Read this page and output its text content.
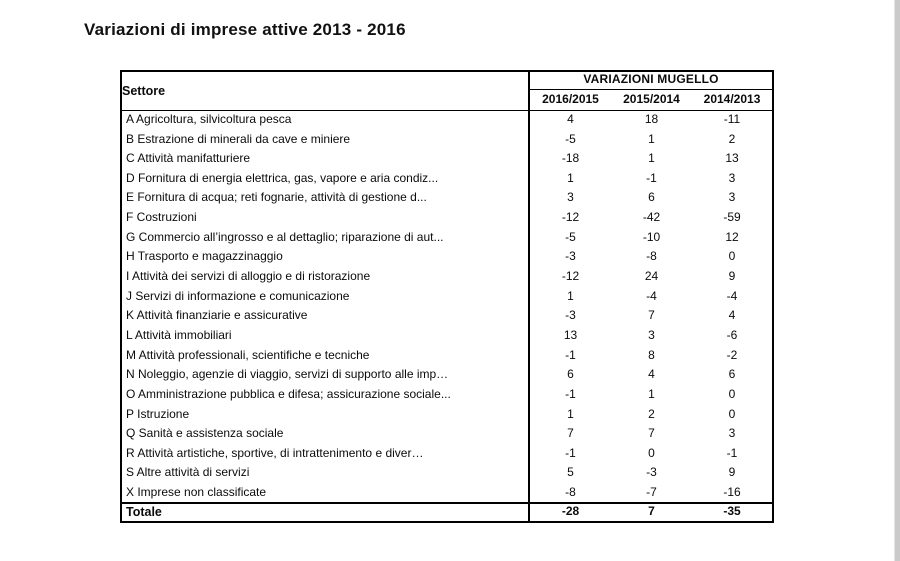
Variazioni di imprese attive 2013 - 2016
Settore	VARIAZIONI MUGELLO		
	2016/2015	2015/2014	2014/2013
A Agricoltura, silvicoltura pesca	4	18	-11
B Estrazione di minerali da cave e miniere	-5	1	2
C Attività manifatturiere	-18	1	13
D Fornitura di energia elettrica, gas, vapore e aria condiz...	1	-1	3
E Fornitura di acqua; reti fognarie, attività di gestione d...	3	6	3
F Costruzioni	-12	-42	-59
G Commercio all’ingrosso e al dettaglio; riparazione di aut...	-5	-10	12
H Trasporto e magazzinaggio	-3	-8	0
I Attività dei servizi di alloggio e di ristorazione	-12	24	9
J Servizi di informazione e comunicazione	1	-4	-4
K Attività finanziarie e assicurative	-3	7	4
L Attività immobiliari	13	3	-6
M Attività professionali, scientifiche e tecniche	-1	8	-2
N Noleggio, agenzie di viaggio, servizi di supporto alle imp…	6	4	6
O Amministrazione pubblica e difesa; assicurazione sociale...	-1	1	0
P Istruzione	1	2	0
Q Sanità e assistenza sociale	7	7	3
R Attività artistiche, sportive, di intrattenimento e diver…	-1	0	-1
S Altre attività di servizi	5	-3	9
X Imprese non classificate	-8	-7	-16
Totale	-28	7	-35
